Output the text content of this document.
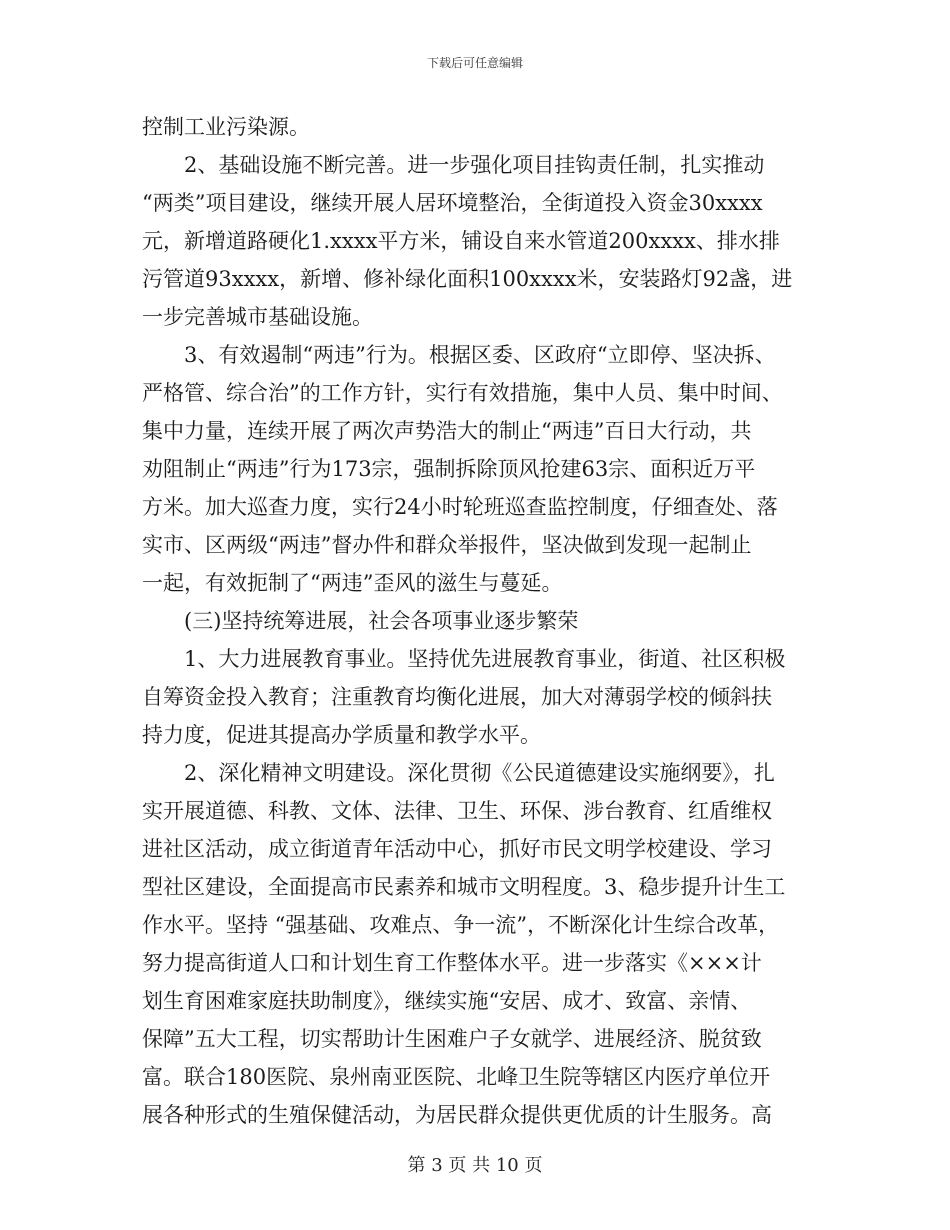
下载后可任意编辑
控制工业污染源。
　　2、基础设施不断完善。进一步强化项目挂钩责任制，扎实推动
“两类”项目建设，继续开展人居环境整治，全街道投入资金30xxxx
元，新增道路硬化1.xxxx平方米，铺设自来水管道200xxxx、排水排
污管道93xxxx，新增、修补绿化面积100xxxx米，安装路灯92盏，进
一步完善城市基础设施。
　　3、有效遏制“两违”行为。根据区委、区政府“立即停、坚决拆、
严格管、综合治”的工作方针，实行有效措施，集中人员、集中时间、
集中力量，连续开展了两次声势浩大的制止“两违”百日大行动，共
劝阻制止“两违”行为173宗，强制拆除顶风抢建63宗、面积近万平
方米。加大巡查力度，实行24小时轮班巡查监控制度，仔细查处、落
实市、区两级“两违”督办件和群众举报件，坚决做到发现一起制止
一起，有效扼制了“两违”歪风的滋生与蔓延。
　　(三)坚持统筹进展，社会各项事业逐步繁荣
　　1、大力进展教育事业。坚持优先进展教育事业，街道、社区积极
自筹资金投入教育；注重教育均衡化进展，加大对薄弱学校的倾斜扶
持力度，促进其提高办学质量和教学水平。
　　2、深化精神文明建设。深化贯彻《公民道德建设实施纲要》，扎
实开展道德、科教、文体、法律、卫生、环保、涉台教育、红盾维权
进社区活动，成立街道青年活动中心，抓好市民文明学校建设、学习
型社区建设，全面提高市民素养和城市文明程度。3、稳步提升计生工
作水平。坚持 “强基础、攻难点、争一流”，不断深化计生综合改革，
努力提高街道人口和计划生育工作整体水平。进一步落实《×××计
划生育困难家庭扶助制度》，继续实施“安居、成才、致富、亲情、
保障”五大工程，切实帮助计生困难户子女就学、进展经济、脱贫致
富。联合180医院、泉州南亚医院、北峰卫生院等辖区内医疗单位开
展各种形式的生殖保健活动，为居民群众提供更优质的计生服务。高
第 3 页 共 10 页
